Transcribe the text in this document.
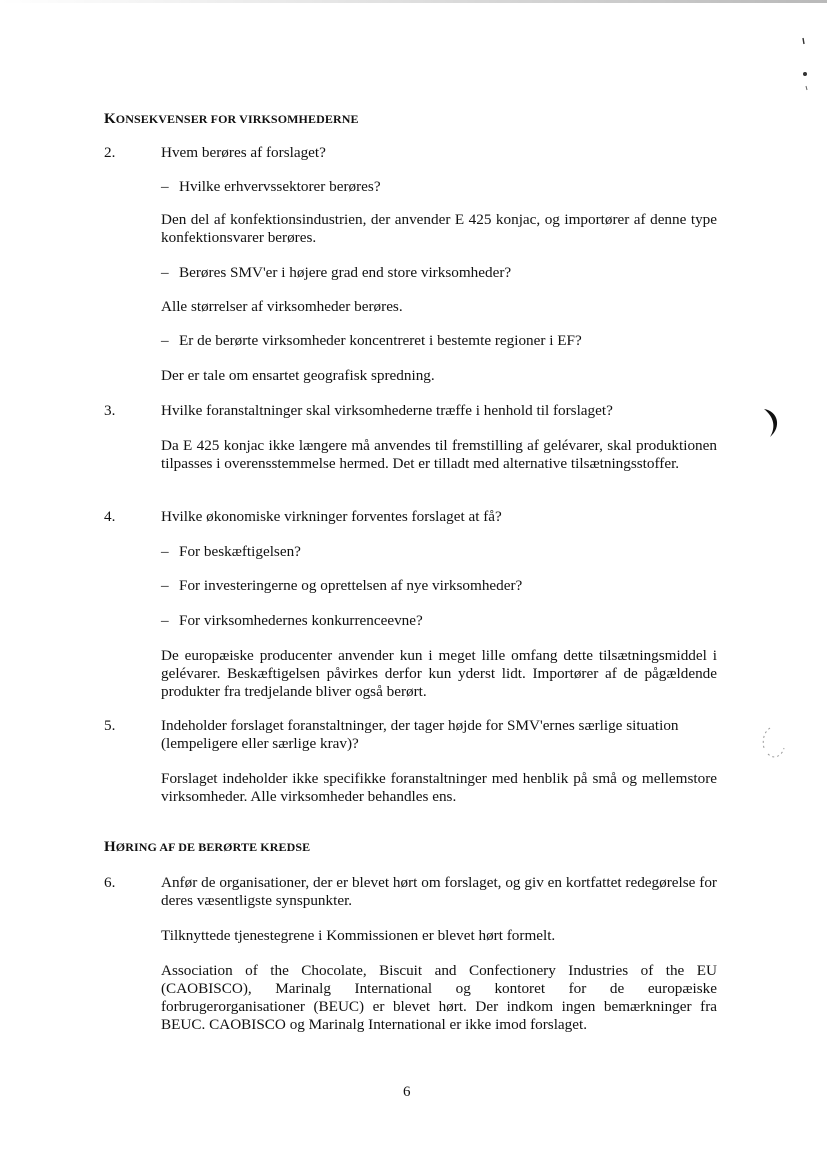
KONSEKVENSER FOR VIRKSOMHEDERNE
2.	Hvem berøres af forslaget?
– Hvilke erhvervssektorer berøres?
Den del af konfektionsindustrien, der anvender E 425 konjac, og importører af denne type konfektionsvarer berøres.
– Berøres SMV'er i højere grad end store virksomheder?
Alle størrelser af virksomheder berøres.
– Er de berørte virksomheder koncentreret i bestemte regioner i EF?
Der er tale om ensartet geografisk spredning.
3.	Hvilke foranstaltninger skal virksomhederne træffe i henhold til forslaget?
Da E 425 konjac ikke længere må anvendes til fremstilling af gelévarer, skal produktionen tilpasses i overensstemmelse hermed. Det er tilladt med alternative tilsætningsstoffer.
4.	Hvilke økonomiske virkninger forventes forslaget at få?
– For beskæftigelsen?
– For investeringerne og oprettelsen af nye virksomheder?
– For virksomhedernes konkurrenceevne?
De europæiske producenter anvender kun i meget lille omfang dette tilsætningsmiddel i gelévarer. Beskæftigelsen påvirkes derfor kun yderst lidt. Importører af de pågældende produkter fra tredjelande bliver også berørt.
5.	Indeholder forslaget foranstaltninger, der tager højde for SMV'ernes særlige situation (lempeligere eller særlige krav)?
Forslaget indeholder ikke specifikke foranstaltninger med henblik på små og mellemstore virksomheder. Alle virksomheder behandles ens.
HØRING AF DE BERØRTE KREDSE
6.	Anfør de organisationer, der er blevet hørt om forslaget, og giv en kortfattet redegørelse for deres væsentligste synspunkter.
Tilknyttede tjenestegrene i Kommissionen er blevet hørt formelt.
Association of the Chocolate, Biscuit and Confectionery Industries of the EU (CAOBISCO), Marinalg International og kontoret for de europæiske forbrugerorganisationer (BEUC) er blevet hørt. Der indkom ingen bemærkninger fra BEUC. CAOBISCO og Marinalg International er ikke imod forslaget.
6
